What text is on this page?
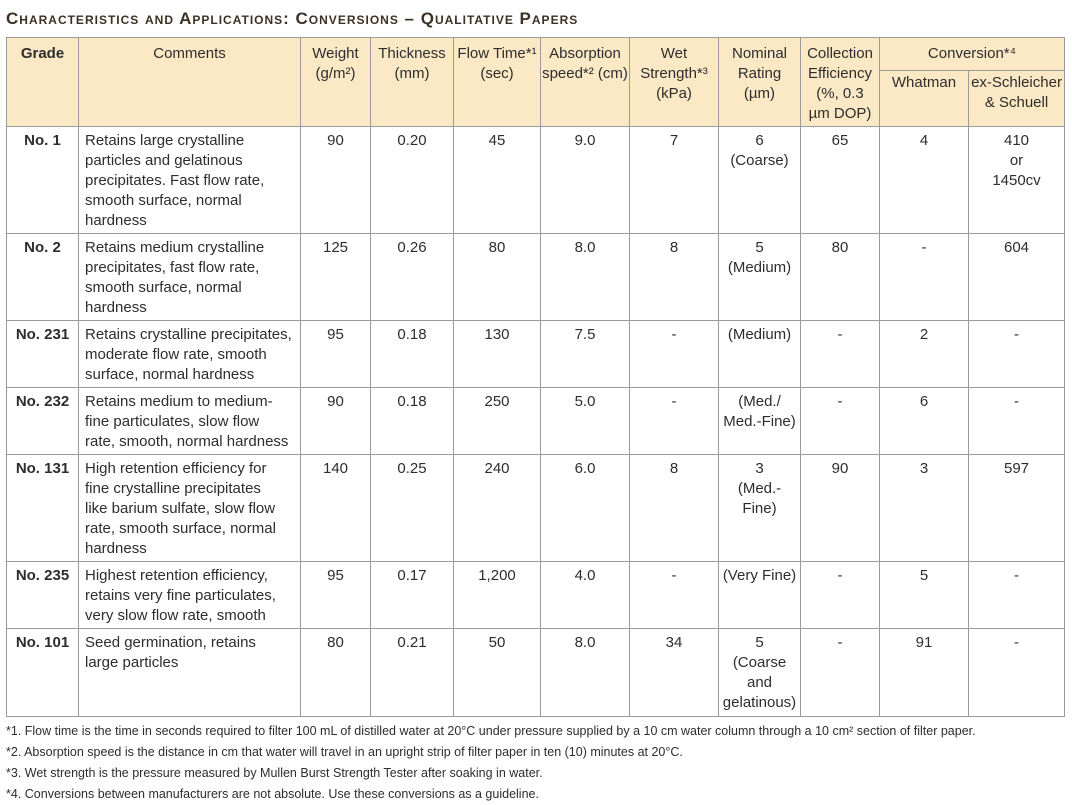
Characteristics and Applications: Conversions – Qualitative Papers
Grade	Comments	Weight
(g/m²)	Thickness
(mm)	Flow Time*¹
(sec)	Absorption
speed*² (cm)	Wet
Strength*³
(kPa)	Nominal
Rating
(µm)	Collection
Efficiency
(%, 0.3
µm DOP)	Conversion*⁴	
									Whatman	ex-Schleicher
& Schuell
No. 1	Retains large crystalline
particles and gelatinous
precipitates. Fast flow rate,
smooth surface, normal
hardness	90	0.20	45	9.0	7	6
(Coarse)	65	4	410
or
1450cv
No. 2	Retains medium crystalline
precipitates, fast flow rate,
smooth surface, normal
hardness	125	0.26	80	8.0	8	5
(Medium)	80	-	604
No. 231	Retains crystalline precipitates,
moderate flow rate, smooth
surface, normal hardness	95	0.18	130	7.5	-	(Medium)	-	2	-
No. 232	Retains medium to medium-
fine particulates, slow flow
rate, smooth, normal hardness	90	0.18	250	5.0	-	(Med./
Med.-Fine)	-	6	-
No. 131	High retention efficiency for
fine crystalline precipitates
like barium sulfate, slow flow
rate, smooth surface, normal
hardness	140	0.25	240	6.0	8	3
(Med.-Fine)	90	3	597
No. 235	Highest retention efficiency,
retains very fine particulates,
very slow flow rate, smooth	95	0.17	1,200	4.0	-	(Very Fine)	-	5	-
No. 101	Seed germination, retains
large particles	80	0.21	50	8.0	34	5
(Coarse
and
gelatinous)	-	91	-
*1. Flow time is the time in seconds required to filter 100 mL of distilled water at 20°C under pressure supplied by a 10 cm water column through a 10 cm² section of filter paper.
*2. Absorption speed is the distance in cm that water will travel in an upright strip of filter paper in ten (10) minutes at 20°C.
*3. Wet strength is the pressure measured by Mullen Burst Strength Tester after soaking in water.
*4. Conversions between manufacturers are not absolute. Use these conversions as a guideline.
